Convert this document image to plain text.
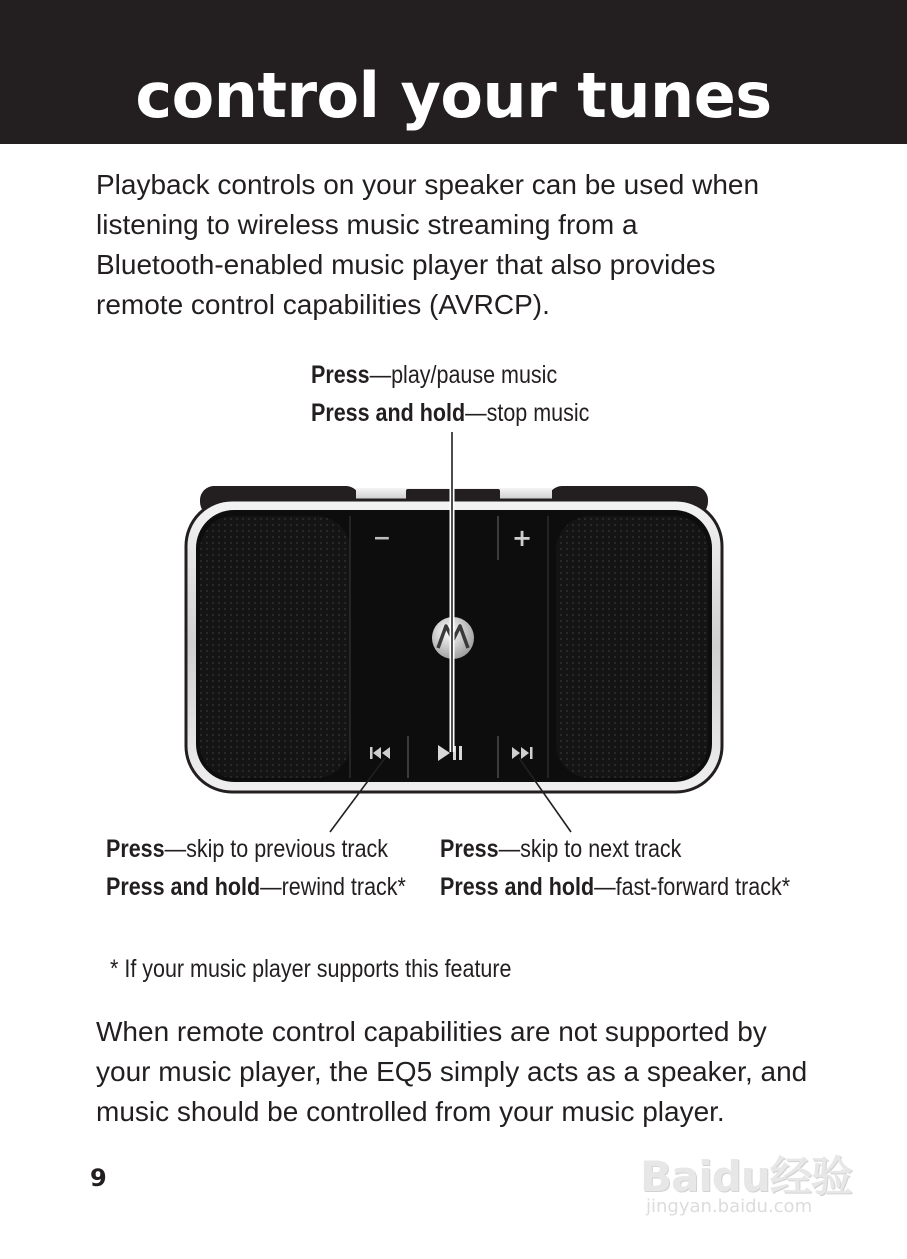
control your tunes

Playback controls on your speaker can be used when
listening to wireless music streaming from a
Bluetooth-enabled music player that also provides
remote control capabilities (AVRCP).

Press—play/pause music
Press and hold—stop music
−	+
Press—skip to previous track
Press and hold—rewind track*
Press—skip to next track
Press and hold—fast-forward track*

* If your music player supports this feature

When remote control capabilities are not supported by
your music player, the EQ5 simply acts as a speaker, and
music should be controlled from your music player.

9	Baidu经验
jingyan.baidu.com
